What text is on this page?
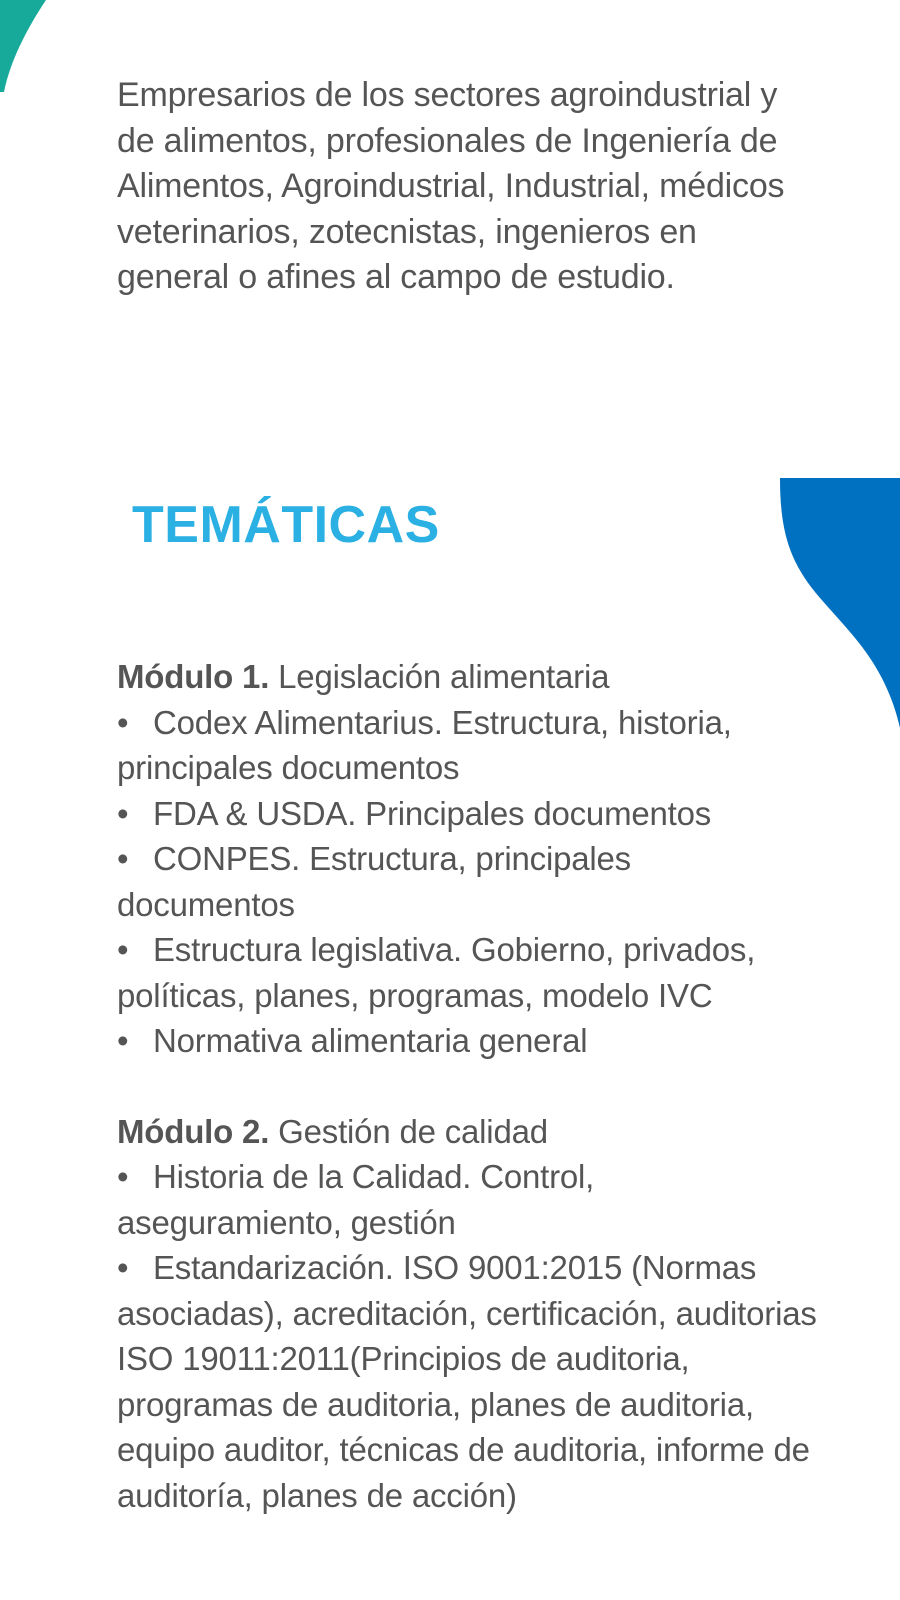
Empresarios de los sectores agroindustrial y de alimentos, profesionales de Ingeniería de Alimentos, Agroindustrial, Industrial, médicos veterinarios, zotecnistas, ingenieros en general o afines al campo de estudio.

TEMÁTICAS

Módulo 1. Legislación alimentaria

• Codex Alimentarius. Estructura, historia, principales documentos

• FDA & USDA. Principales documentos

• CONPES. Estructura, principales documentos

• Estructura legislativa. Gobierno, privados, políticas, planes, programas, modelo IVC

• Normativa alimentaria general

Módulo 2. Gestión de calidad

• Historia de la Calidad. Control, aseguramiento, gestión

• Estandarización. ISO 9001:2015 (Normas asociadas), acreditación, certificación, auditorias ISO 19011:2011(Principios de auditoria, programas de auditoria, planes de auditoria, equipo auditor, técnicas de auditoria, informe de auditoría, planes de acción)
